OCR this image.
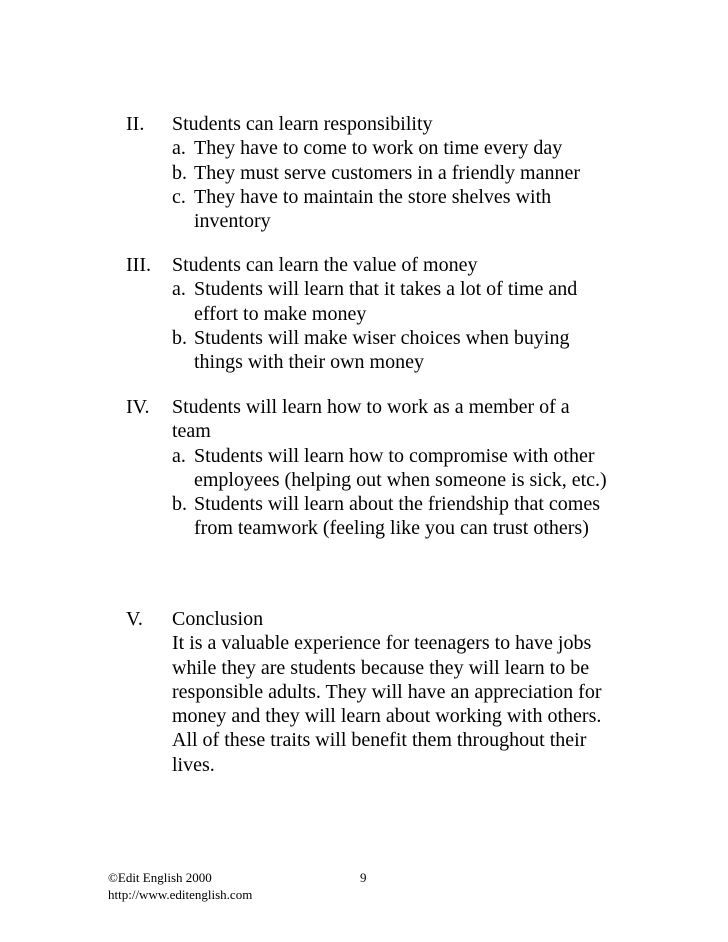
II. Students can learn responsibility
a. They have to come to work on time every day
b. They must serve customers in a friendly manner
c. They have to maintain the store shelves with inventory
III. Students can learn the value of money
a. Students will learn that it takes a lot of time and effort to make money
b. Students will make wiser choices when buying things with their own money
IV. Students will learn how to work as a member of a team
a. Students will learn how to compromise with other employees (helping out when someone is sick, etc.)
b. Students will learn about the friendship that comes from teamwork (feeling like you can trust others)
V. Conclusion
It is a valuable experience for teenagers to have jobs while they are students because they will learn to be responsible adults. They will have an appreciation for money and they will learn about working with others. All of these traits will benefit them throughout their lives.
©Edit English 2000	9
http://www.editenglish.com
